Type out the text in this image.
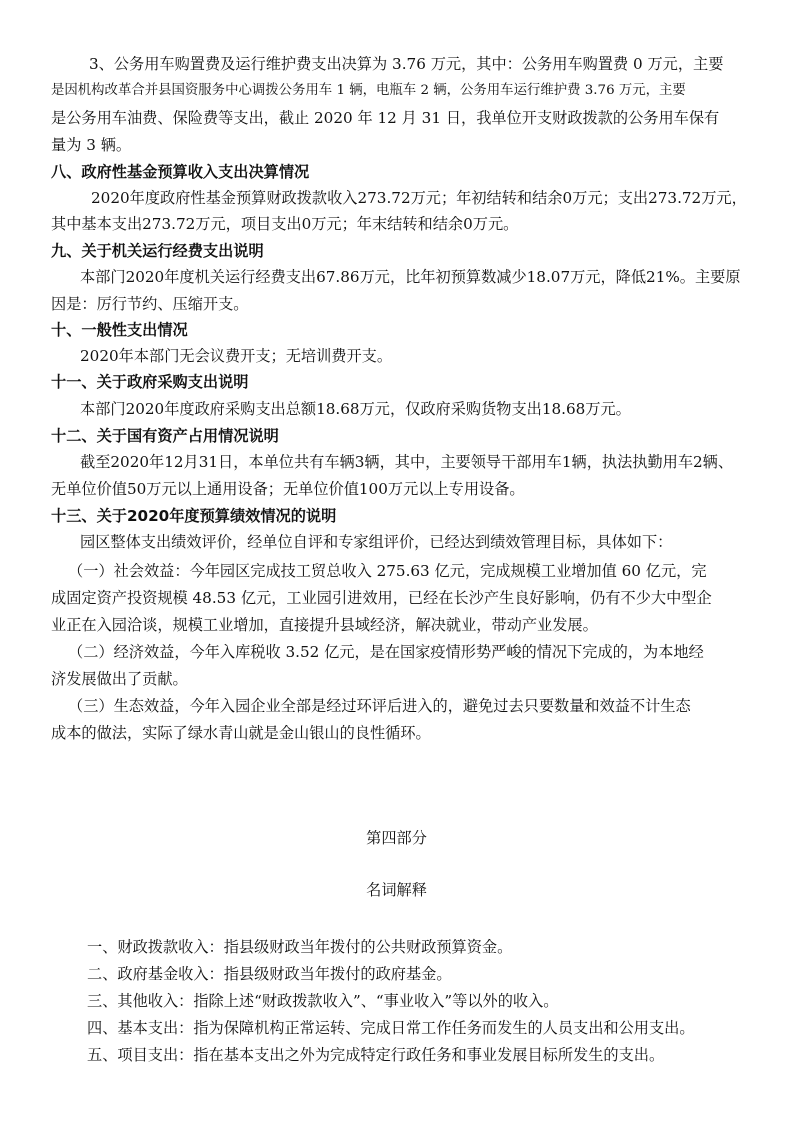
3、公务用车购置费及运行维护费支出决算为 3.76 万元，其中：公务用车购置费 0 万元，主要
是因机构改革合并县国资服务中心调拨公务用车 1 辆，电瓶车 2 辆，公务用车运行维护费 3.76 万元，主要
是公务用车油费、保险费等支出，截止 2020 年 12 月 31 日，我单位开支财政拨款的公务用车保有
量为 3 辆。
八、政府性基金预算收入支出决算情况
2020年度政府性基金预算财政拨款收入273.72万元；年初结转和结余0万元；支出273.72万元，
其中基本支出273.72万元，项目支出0万元；年末结转和结余0万元。
九、关于机关运行经费支出说明
本部门2020年度机关运行经费支出67.86万元，比年初预算数减少18.07万元，降低21%。主要原
因是：厉行节约、压缩开支。
十、一般性支出情况
2020年本部门无会议费开支；无培训费开支。
十一、关于政府采购支出说明
本部门2020年度政府采购支出总额18.68万元，仅政府采购货物支出18.68万元。
十二、关于国有资产占用情况说明
截至2020年12月31日，本单位共有车辆3辆，其中，主要领导干部用车1辆，执法执勤用车2辆、
无单位价值50万元以上通用设备；无单位价值100万元以上专用设备。
十三、关于2020年度预算绩效情况的说明
园区整体支出绩效评价，经单位自评和专家组评价，已经达到绩效管理目标，具体如下：
（一）社会效益：今年园区完成技工贸总收入 275.63 亿元，完成规模工业增加值 60 亿元，完
成固定资产投资规模 48.53 亿元，工业园引进效用，已经在长沙产生良好影响，仍有不少大中型企
业正在入园洽谈，规模工业增加，直接提升县域经济，解决就业，带动产业发展。
（二）经济效益，今年入库税收 3.52 亿元，是在国家疫情形势严峻的情况下完成的，为本地经
济发展做出了贡献。
（三）生态效益，今年入园企业全部是经过环评后进入的，避免过去只要数量和效益不计生态
成本的做法，实际了绿水青山就是金山银山的良性循环。
第四部分
名词解释
一、财政拨款收入：指县级财政当年拨付的公共财政预算资金。
二、政府基金收入：指县级财政当年拨付的政府基金。
三、其他收入：指除上述“财政拨款收入”、“事业收入”等以外的收入。
四、基本支出：指为保障机构正常运转、完成日常工作任务而发生的人员支出和公用支出。
五、项目支出：指在基本支出之外为完成特定行政任务和事业发展目标所发生的支出。
